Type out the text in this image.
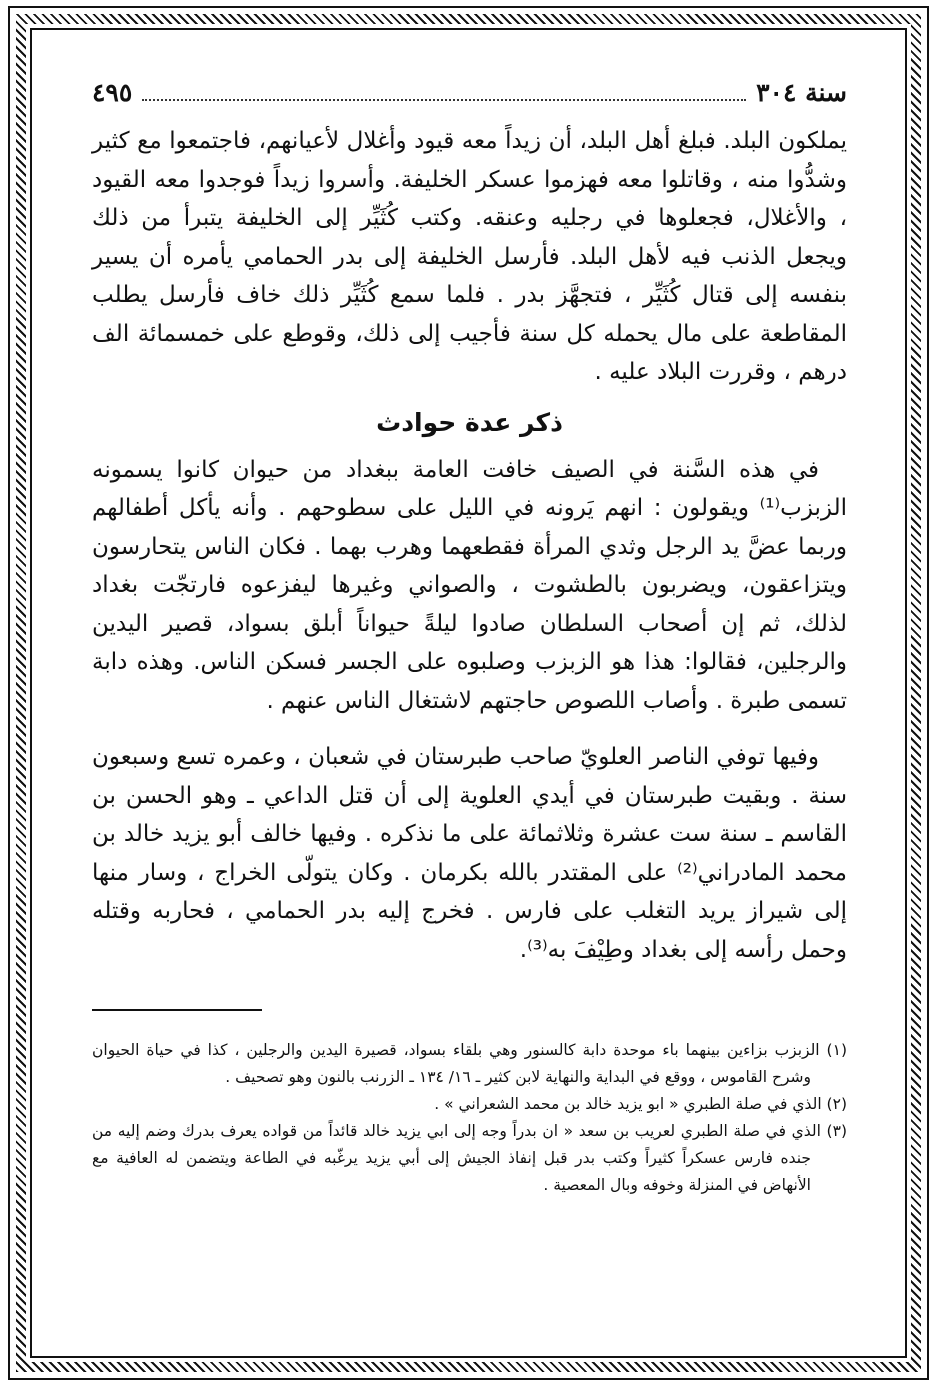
سنة ٣٠٤
٤٩٥

يملكون البلد. فبلغ أهل البلد، أن زيداً معه قيود وأغلال لأعيانهم، فاجتمعوا مع كثير وشدُّوا منه ، وقاتلوا معه فهزموا عسكر الخليفة. وأسروا زيداً فوجدوا معه القيود ، والأغلال، فجعلوها في رجليه وعنقه. وكتب كُثَيِّر إلى الخليفة يتبرأ من ذلك ويجعل الذنب فيه لأهل البلد. فأرسل الخليفة إلى بدر الحمامي يأمره أن يسير بنفسه إلى قتال كُثَيِّر ، فتجهَّز بدر . فلما سمع كُثَيِّر ذلك خاف فأرسل يطلب المقاطعة على مال يحمله كل سنة فأجيب إلى ذلك، وقوطع على خمسمائة الف درهم ، وقررت البلاد عليه .

ذكر عدة حوادث

في هذه السَّنة في الصيف خافت العامة ببغداد من حيوان كانوا يسمونه الزبزب⁽¹⁾ ويقولون : انهم يَرونه في الليل على سطوحهم . وأنه يأكل أطفالهم وربما عضَّ يد الرجل وثدي المرأة فقطعهما وهرب بهما . فكان الناس يتحارسون ويتزاعقون، ويضربون بالطشوت ، والصواني وغيرها ليفزعوه فارتجّت بغداد لذلك، ثم إن أصحاب السلطان صادوا ليلةً حيواناً أبلق بسواد، قصير اليدين والرجلين، فقالوا: هذا هو الزبزب وصلبوه على الجسر فسكن الناس. وهذه دابة تسمى طبرة . وأصاب اللصوص حاجتهم لاشتغال الناس عنهم .

وفيها توفي الناصر العلويّ صاحب طبرستان في شعبان ، وعمره تسع وسبعون سنة . وبقيت طبرستان في أيدي العلوية إلى أن قتل الداعي ـ وهو الحسن بن القاسم ـ سنة ست عشرة وثلاثمائة على ما نذكره . وفيها خالف أبو يزيد خالد بن محمد المادراني⁽²⁾ على المقتدر بالله بكرمان . وكان يتولّى الخراج ، وسار منها إلى شيراز يريد التغلب على فارس . فخرج إليه بدر الحمامي ، فحاربه وقتله وحمل رأسه إلى بغداد وطِيْفَ به⁽³⁾.

(١) الزبزب بزاءين بينهما باء موحدة دابة كالسنور وهي بلقاء بسواد، قصيرة اليدين والرجلين ، كذا في حياة الحيوان وشرح القاموس ، ووقع في البداية والنهاية لابن كثير ـ ١٦/ ١٣٤ ـ الزرنب بالنون وهو تصحيف .

(٢) الذي في صلة الطبري « ابو يزيد خالد بن محمد الشعراني » .

(٣) الذي في صلة الطبري لعريب بن سعد « ان بدراً وجه إلى ابي يزيد خالد قائداً من قواده يعرف بدرك وضم إليه من جنده فارس عسكراً كثيراً وكتب بدر قبل إنفاذ الجيش إلى أبي يزيد يرغّبه في الطاعة ويتضمن له العافية مع الأنهاض في المنزلة وخوفه وبال المعصية .
